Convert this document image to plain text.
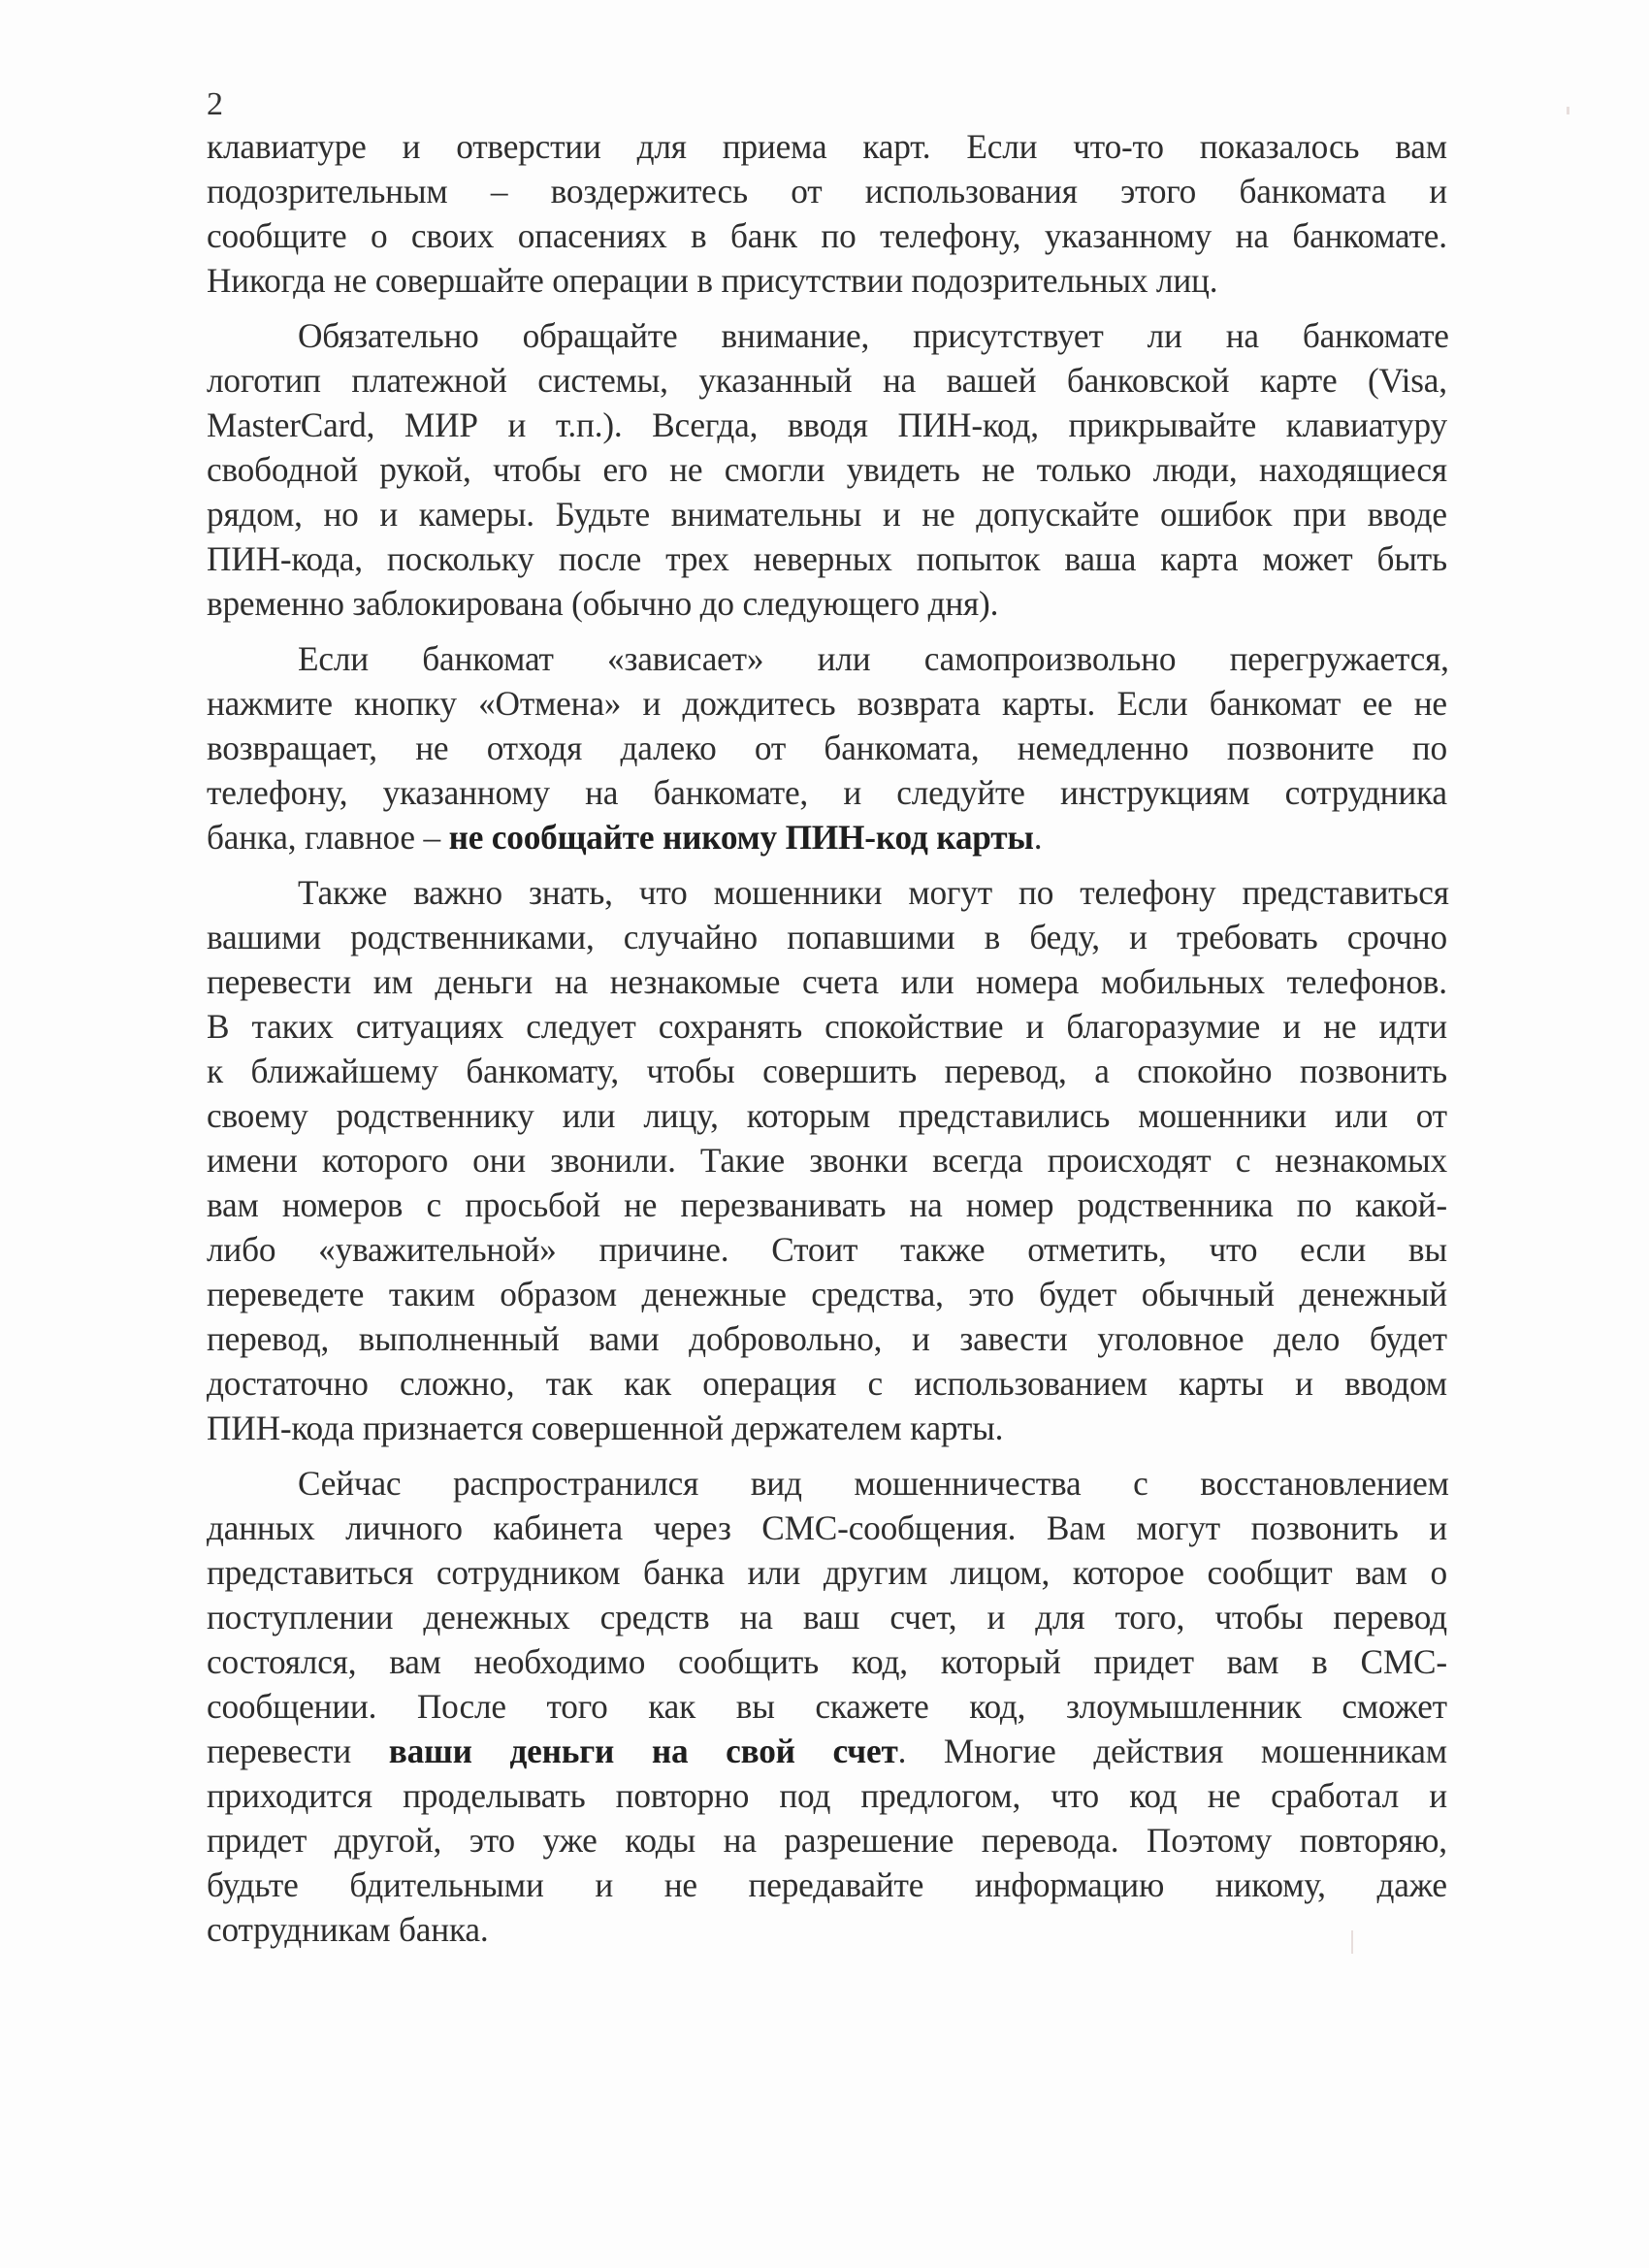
2
клавиатуре и отверстии для приема карт. Если что-то показалось вам
подозрительным – воздержитесь от использования этого банкомата и
сообщите о своих опасениях в банк по телефону, указанному на банкомате.
Никогда не совершайте операции в присутствии подозрительных лиц.
Обязательно обращайте внимание, присутствует ли на банкомате
логотип платежной системы, указанный на вашей банковской карте (Visa,
MasterCard, МИР и т.п.). Всегда, вводя ПИН-код, прикрывайте клавиатуру
свободной рукой, чтобы его не смогли увидеть не только люди, находящиеся
рядом, но и камеры. Будьте внимательны и не допускайте ошибок при вводе
ПИН-кода, поскольку после трех неверных попыток ваша карта может быть
временно заблокирована (обычно до следующего дня).
Если банкомат «зависает» или самопроизвольно перегружается,
нажмите кнопку «Отмена» и дождитесь возврата карты. Если банкомат ее не
возвращает, не отходя далеко от банкомата, немедленно позвоните по
телефону, указанному на банкомате, и следуйте инструкциям сотрудника
банка, главное – не сообщайте никому ПИН-код карты.
Также важно знать, что мошенники могут по телефону представиться
вашими родственниками, случайно попавшими в беду, и требовать срочно
перевести им деньги на незнакомые счета или номера мобильных телефонов.
В таких ситуациях следует сохранять спокойствие и благоразумие и не идти
к ближайшему банкомату, чтобы совершить перевод, а спокойно позвонить
своему родственнику или лицу, которым представились мошенники или от
имени которого они звонили. Такие звонки всегда происходят с незнакомых
вам номеров с просьбой не перезванивать на номер родственника по какой-
либо «уважительной» причине. Стоит также отметить, что если вы
переведете таким образом денежные средства, это будет обычный денежный
перевод, выполненный вами добровольно, и завести уголовное дело будет
достаточно сложно, так как операция с использованием карты и вводом
ПИН-кода признается совершенной держателем карты.
Сейчас распространился вид мошенничества с восстановлением
данных личного кабинета через СМС-сообщения. Вам могут позвонить и
представиться сотрудником банка или другим лицом, которое сообщит вам о
поступлении денежных средств на ваш счет, и для того, чтобы перевод
состоялся, вам необходимо сообщить код, который придет вам в СМС-
сообщении. После того как вы скажете код, злоумышленник сможет
перевести ваши деньги на свой счет. Многие действия мошенникам
приходится проделывать повторно под предлогом, что код не сработал и
придет другой, это уже коды на разрешение перевода. Поэтому повторяю,
будьте бдительными и не передавайте информацию никому, даже
сотрудникам банка.
